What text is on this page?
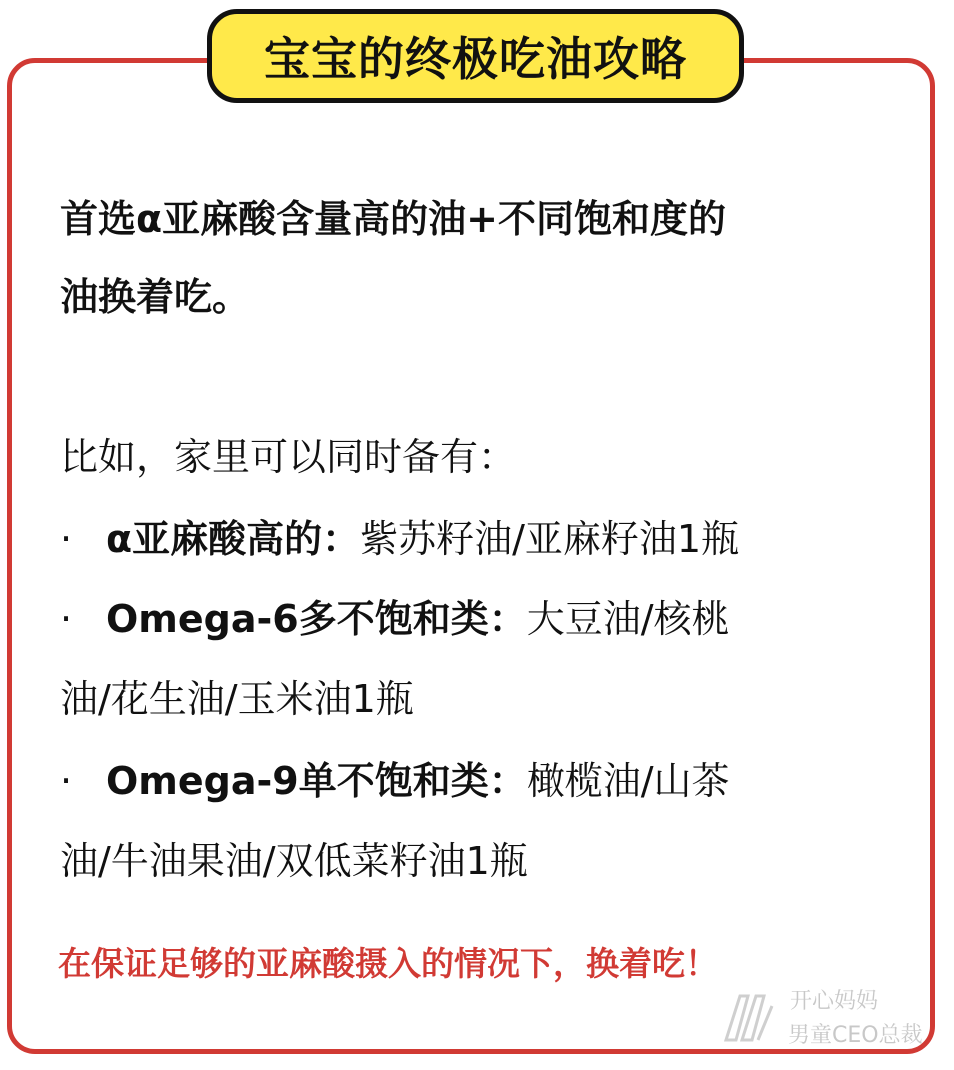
宝宝的终极吃油攻略
首选α亚麻酸含量高的油+不同饱和度的
油换着吃。
比如，家里可以同时备有：
· α亚麻酸高的：紫苏籽油/亚麻籽油1瓶
· Omega-6多不饱和类：大豆油/核桃
油/花生油/玉米油1瓶
· Omega-9单不饱和类：橄榄油/山茶
油/牛油果油/双低菜籽油1瓶
在保证足够的亚麻酸摄入的情况下，换着吃！
开心妈妈
男童CEO总裁
